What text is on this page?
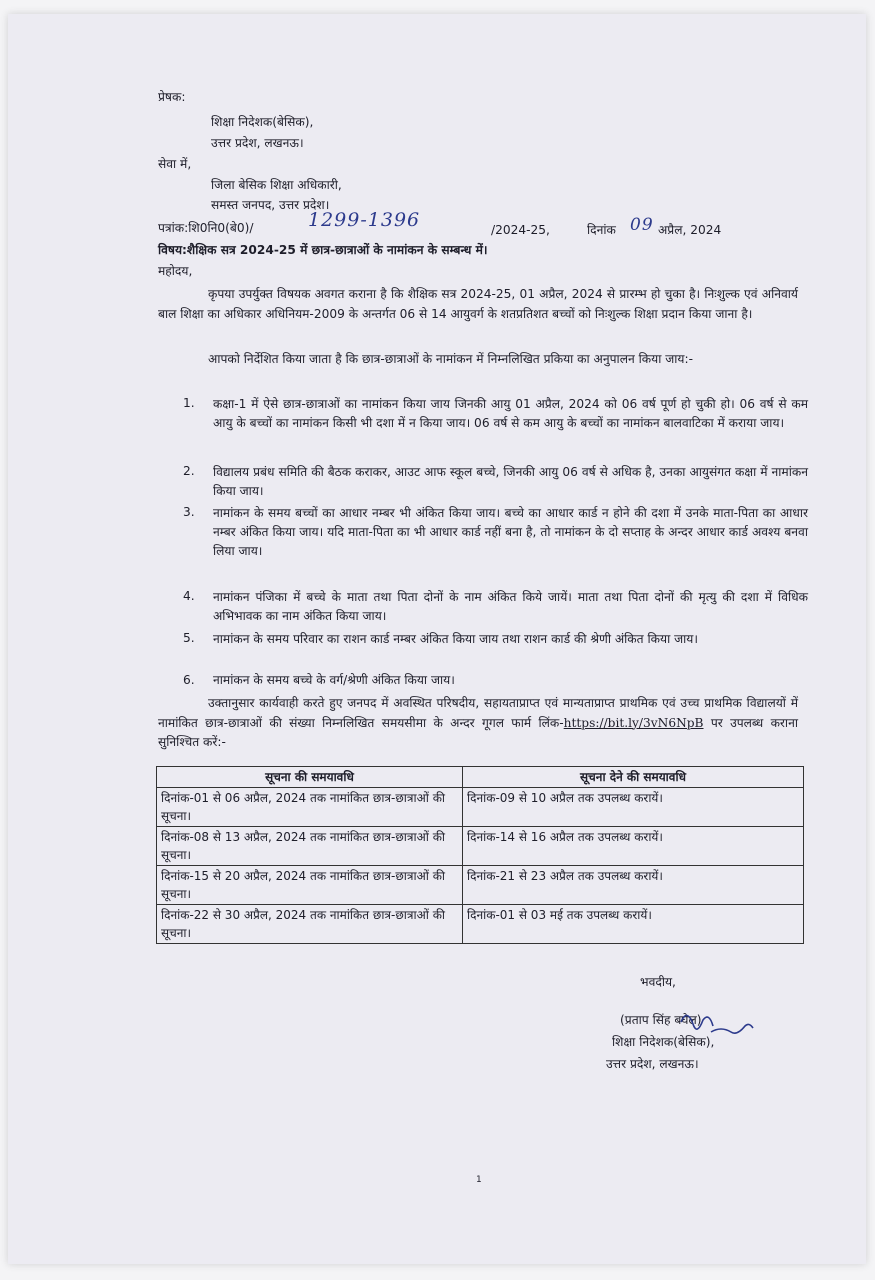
प्रेषक:
शिक्षा निदेशक(बेसिक),
उत्तर प्रदेश, लखनऊ।
सेवा में,
जिला बेसिक शिक्षा अधिकारी,
समस्त जनपद, उत्तर प्रदेश।
पत्रांक:शि0नि0(बे0)/	1299-1396	/2024-25,	दिनांक 09 अप्रैल, 2024
विषय:शैक्षिक सत्र 2024-25 में छात्र-छात्राओं के नामांकन के सम्बन्ध में।
महोदय,
कृपया उपर्युक्त विषयक अवगत कराना है कि शैक्षिक सत्र 2024-25, 01 अप्रैल, 2024 से प्रारम्भ हो चुका है। निःशुल्क एवं अनिवार्य बाल शिक्षा का अधिकार अधिनियम-2009 के अन्तर्गत 06 से 14 आयुवर्ग के शतप्रतिशत बच्चों को निःशुल्क शिक्षा प्रदान किया जाना है।
आपको निर्देशित किया जाता है कि छात्र-छात्राओं के नामांकन में निम्नलिखित प्रकिया का अनुपालन किया जाय:-
1. कक्षा-1 में ऐसे छात्र-छात्राओं का नामांकन किया जाय जिनकी आयु 01 अप्रैल, 2024 को 06 वर्ष पूर्ण हो चुकी हो। 06 वर्ष से कम आयु के बच्चों का नामांकन किसी भी दशा में न किया जाय। 06 वर्ष से कम आयु के बच्चों का नामांकन बालवाटिका में कराया जाय।
2. विद्यालय प्रबंध समिति की बैठक कराकर, आउट आफ स्कूल बच्चे, जिनकी आयु 06 वर्ष से अधिक है, उनका आयुसंगत कक्षा में नामांकन किया जाय।
3. नामांकन के समय बच्चों का आधार नम्बर भी अंकित किया जाय। बच्चे का आधार कार्ड न होने की दशा में उनके माता-पिता का आधार नम्बर अंकित किया जाय। यदि माता-पिता का भी आधार कार्ड नहीं बना है, तो नामांकन के दो सप्ताह के अन्दर आधार कार्ड अवश्य बनवा लिया जाय।
4. नामांकन पंजिका में बच्चे के माता तथा पिता दोनों के नाम अंकित किये जायें। माता तथा पिता दोनों की मृत्यु की दशा में विधिक अभिभावक का नाम अंकित किया जाय।
5. नामांकन के समय परिवार का राशन कार्ड नम्बर अंकित किया जाय तथा राशन कार्ड की श्रेणी अंकित किया जाय।
6. नामांकन के समय बच्चे के वर्ग/श्रेणी अंकित किया जाय।
उक्तानुसार कार्यवाही करते हुए जनपद में अवस्थित परिषदीय, सहायताप्राप्त एवं मान्यताप्राप्त प्राथमिक एवं उच्च प्राथमिक विद्यालयों में नामांकित छात्र-छात्राओं की संख्या निम्नलिखित समयसीमा के अन्दर गूगल फार्म लिंक-https://bit.ly/3vN6NpB पर उपलब्ध कराना सुनिश्चित करें:-
सूचना की समयावधि	सूचना देने की समयावधि
दिनांक-01 से 06 अप्रैल, 2024 तक नामांकित छात्र-छात्राओं की सूचना।	दिनांक-09 से 10 अप्रैल तक उपलब्ध करायें।
दिनांक-08 से 13 अप्रैल, 2024 तक नामांकित छात्र-छात्राओं की सूचना।	दिनांक-14 से 16 अप्रैल तक उपलब्ध करायें।
दिनांक-15 से 20 अप्रैल, 2024 तक नामांकित छात्र-छात्राओं की सूचना।	दिनांक-21 से 23 अप्रैल तक उपलब्ध करायें।
दिनांक-22 से 30 अप्रैल, 2024 तक नामांकित छात्र-छात्राओं की सूचना।	दिनांक-01 से 03 मई तक उपलब्ध करायें।
भवदीय,
(प्रताप सिंह बघेल)
शिक्षा निदेशक(बेसिक),
उत्तर प्रदेश, लखनऊ।
1
